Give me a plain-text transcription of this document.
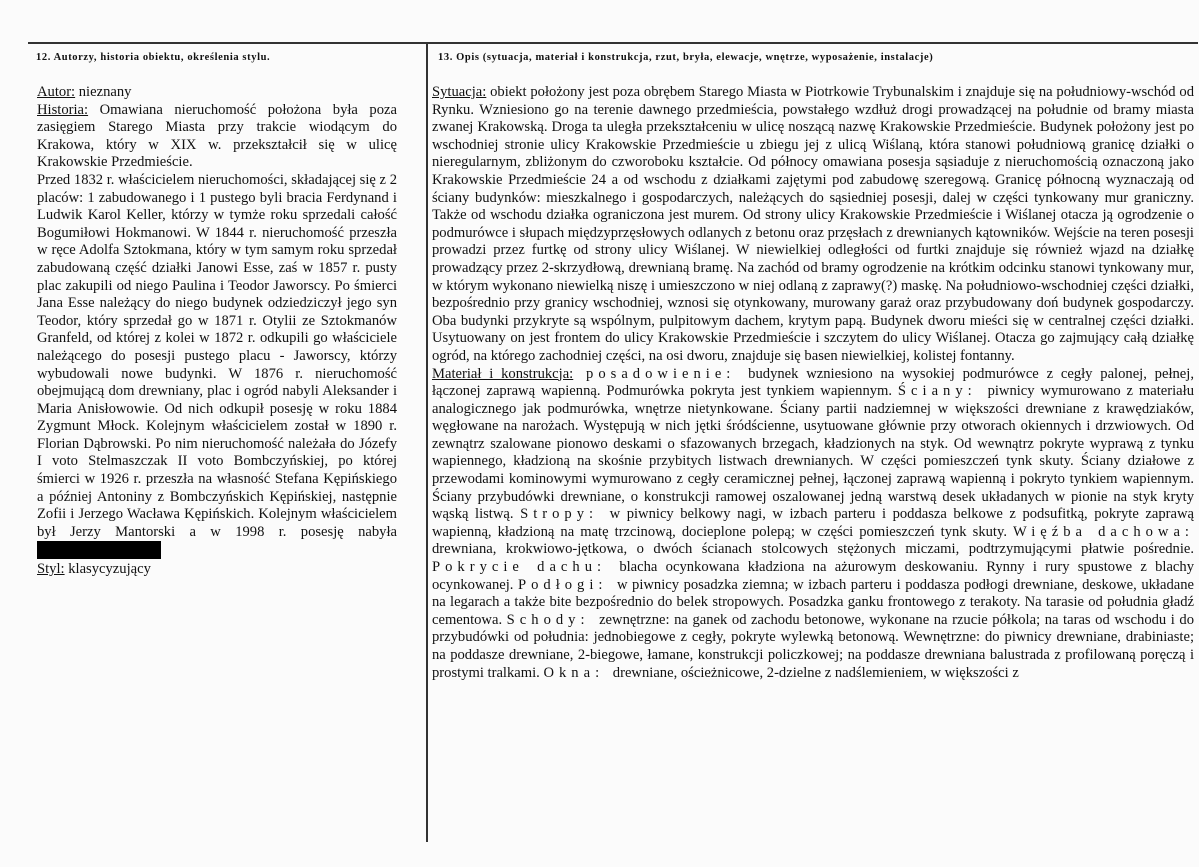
12. Autorzy, historia obiektu, określenia stylu.	13. Opis (sytuacja, materiał i konstrukcja, rzut, bryła, elewacje, wnętrze, wyposażenie, instalacje)

Autor: nieznany

Historia: Omawiana nieruchomość położona była poza zasięgiem Starego Miasta przy trakcie wiodącym do Krakowa, który w XIX w. przekształcił się w ulicę Krakowskie Przedmieście.

Przed 1832 r. właścicielem nieruchomości, składającej się z 2 placów: 1 zabudowanego i 1 pustego byli bracia Ferdynand i Ludwik Karol Keller, którzy w tymże roku sprzedali całość Bogumiłowi Hokmanowi. W 1844 r. nieruchomość przeszła w ręce Adolfa Sztokmana, który w tym samym roku sprzedał zabudowaną część działki Janowi Esse, zaś w 1857 r. pusty plac zakupili od niego Paulina i Teodor Jaworscy. Po śmierci Jana Esse należący do niego budynek odziedziczył jego syn Teodor, który sprzedał go w 1871 r. Otylii ze Sztokmanów Granfeld, od której z kolei w 1872 r. odkupili go właściciele należącego do posesji pustego placu - Jaworscy, którzy wybudowali nowe budynki. W 1876 r. nieruchomość obejmującą dom drewniany, plac i ogród nabyli Aleksander i Maria Anisłowowie. Od nich odkupił posesję w roku 1884 Zygmunt Młock. Kolejnym właścicielem został w 1890 r. Florian Dąbrowski. Po nim nieruchomość należała do Józefy I voto Stelmaszczak II voto Bombczyńskiej, po której śmierci w 1926 r. przeszła na własność Stefana Kępińskiego a później Antoniny z Bombczyńskich Kępińskiej, następnie Zofii i Jerzego Wacława Kępińskich. Kolejnym właścicielem był Jerzy Mantorski a w 1998 r. posesję nabyła

Styl: klasycyzujący

Sytuacja: obiekt położony jest poza obrębem Starego Miasta w Piotrkowie Trybunalskim i znajduje się na południowy-wschód od Rynku. Wzniesiono go na terenie dawnego przedmieścia, powstałego wzdłuż drogi prowadzącej na południe od bramy miasta zwanej Krakowską. Droga ta uległa przekształceniu w ulicę noszącą nazwę Krakowskie Przedmieście. Budynek położony jest po wschodniej stronie ulicy Krakowskie Przedmieście u zbiegu jej z ulicą Wiślaną, która stanowi południową granicę działki o nieregularnym, zbliżonym do czworoboku kształcie. Od północy omawiana posesja sąsiaduje z nieruchomością oznaczoną jako Krakowskie Przedmieście 24 a od wschodu z działkami zajętymi pod zabudowę szeregową. Granicę północną wyznaczają od ściany budynków: mieszkalnego i gospodarczych, należących do sąsiedniej posesji, dalej w części tynkowany mur graniczny. Także od wschodu działka ograniczona jest murem. Od strony ulicy Krakowskie Przedmieście i Wiślanej otacza ją ogrodzenie o podmurówce i słupach międzyprzęsłowych odlanych z betonu oraz przęsłach z drewnianych kątowników. Wejście na teren posesji prowadzi przez furtkę od strony ulicy Wiślanej. W niewielkiej odległości od furtki znajduje się również wjazd na działkę prowadzący przez 2-skrzydłową, drewnianą bramę. Na zachód od bramy ogrodzenie na krótkim odcinku stanowi tynkowany mur, w którym wykonano niewielką niszę i umieszczono w niej odlaną z zaprawy(?) maskę. Na południowo-wschodniej części działki, bezpośrednio przy granicy wschodniej, wznosi się otynkowany, murowany garaż oraz przybudowany doń budynek gospodarczy. Oba budynki przykryte są wspólnym, pulpitowym dachem, krytym papą. Budynek dworu mieści się w centralnej części działki. Usytuowany on jest frontem do ulicy Krakowskie Przedmieście i szczytem do ulicy Wiślanej. Otacza go zajmujący całą działkę ogród, na którego zachodniej części, na osi dworu, znajduje się basen niewielkiej, kolistej fontanny.

Materiał i konstrukcja: posadowienie: budynek wzniesiono na wysokiej podmurówce z cegły palonej, pełnej, łączonej zaprawą wapienną. Podmurówka pokryta jest tynkiem wapiennym. Ściany: piwnicy wymurowano z materiału analogicznego jak podmurówka, wnętrze nietynkowane. Ściany partii nadziemnej w większości drewniane z krawędziaków, węgłowane na narożach. Występują w nich jętki śródścienne, usytuowane głównie przy otworach okiennych i drzwiowych. Od zewnątrz szalowane pionowo deskami o sfazowanych brzegach, kładzionych na styk. Od wewnątrz pokryte wyprawą z tynku wapiennego, kładzioną na skośnie przybitych listwach drewnianych. W części pomieszczeń tynk skuty. Ściany działowe z przewodami kominowymi wymurowano z cegły ceramicznej pełnej, łączonej zaprawą wapienną i pokryto tynkiem wapiennym. Ściany przybudówki drewniane, o konstrukcji ramowej oszalowanej jedną warstwą desek układanych w pionie na styk kryty wąską listwą. Stropy: w piwnicy belkowy nagi, w izbach parteru i poddasza belkowe z podsufitką, pokryte zaprawą wapienną, kładzioną na matę trzcinową, docieplone polepą; w części pomieszczeń tynk skuty. Więźba dachowa: drewniana, krokwiowo-jętkowa, o dwóch ścianach stolcowych stężonych miczami, podtrzymującymi płatwie pośrednie. Pokrycie dachu: blacha ocynkowana kładziona na ażurowym deskowaniu. Rynny i rury spustowe z blachy ocynkowanej. Podłogi: w piwnicy posadzka ziemna; w izbach parteru i poddasza podłogi drewniane, deskowe, układane na legarach a także bite bezpośrednio do belek stropowych. Posadzka ganku frontowego z terakoty. Na tarasie od południa gładź cementowa. Schody: zewnętrzne: na ganek od zachodu betonowe, wykonane na rzucie półkola; na taras od wschodu i do przybudówki od południa: jednobiegowe z cegły, pokryte wylewką betonową. Wewnętrzne: do piwnicy drewniane, drabiniaste; na poddasze drewniane, 2-biegowe, łamane, konstrukcji policzkowej; na poddasze drewniana balustrada z profilowaną poręczą i prostymi tralkami. Okna: drewniane, ościeżnicowe, 2-dzielne z nadślemieniem, w większości z
